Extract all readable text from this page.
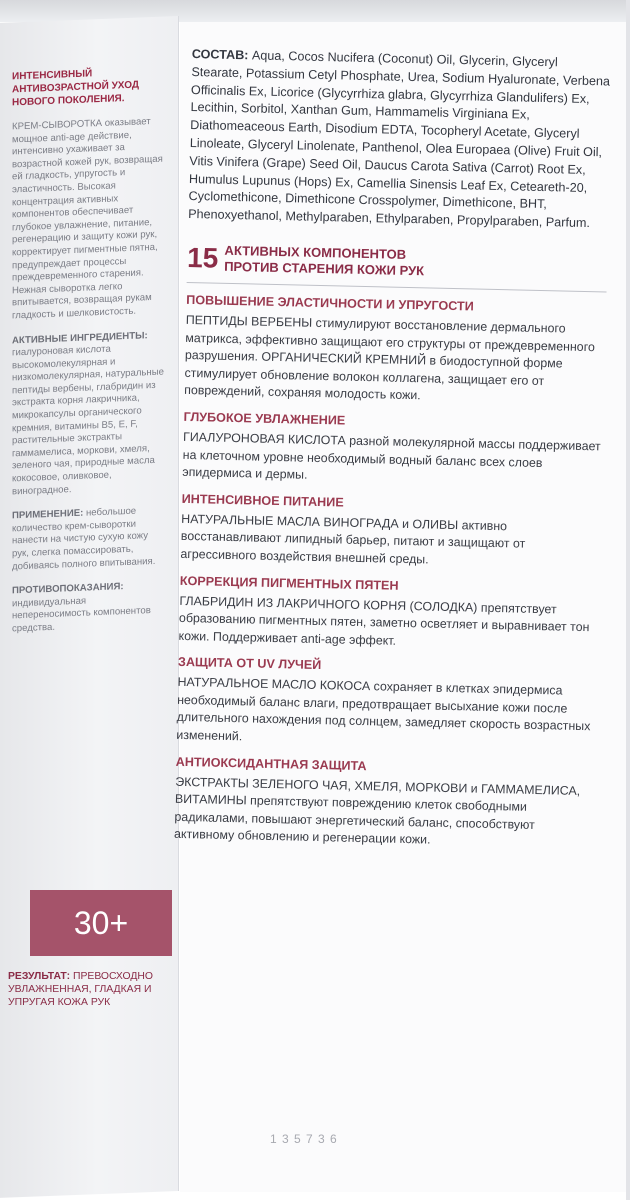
ИНТЕНСИВНЫЙ АНТИВОЗРАСТНОЙ УХОД НОВОГО ПОКОЛЕНИЯ.

КРЕМ-СЫВОРОТКА оказывает мощное anti-age действие, интенсивно ухаживает за возрастной кожей рук, возвращая ей гладкость, упругость и эластичность. Высокая концентрация активных компонентов обеспечивает глубокое увлажнение, питание, регенерацию и защиту кожи рук, корректирует пигментные пятна, предупреждает процессы преждевременного старения. Нежная сыворотка легко впитывается, возвращая рукам гладкость и шелковистость.

АКТИВНЫЕ ИНГРЕДИЕНТЫ: гиалуроновая кислота высокомолекулярная и низкомолекулярная, натуральные пептиды вербены, глабридин из экстракта корня лакричника, микрокапсулы органического кремния, витамины B5, E, F, растительные экстракты гаммамелиса, моркови, хмеля, зеленого чая, природные масла кокосовое, оливковое, виноградное.

ПРИМЕНЕНИЕ: небольшое количество крем-сыворотки нанести на чистую сухую кожу рук, слегка помассировать, добиваясь полного впитывания.

ПРОТИВОПОКАЗАНИЯ: индивидуальная непереносимость компонентов средства.

30+
РЕЗУЛЬТАТ: ПРЕВОСХОДНО УВЛАЖНЕННАЯ, ГЛАДКАЯ И УПРУГАЯ КОЖА РУК

СОСТАВ: Aqua, Cocos Nucifera (Coconut) Oil, Glycerin, Glyceryl Stearate, Potassium Cetyl Phosphate, Urea, Sodium Hyaluronate, Verbena Officinalis Ex, Licorice (Glycyrrhiza glabra, Glycyrrhiza Glandulifers) Ex, Lecithin, Sorbitol, Xanthan Gum, Hammamelis Virginiana Ex, Diathomeaceous Earth, Disodium EDTA, Tocopheryl Acetate, Glyceryl Linoleate, Glyceryl Linolenate, Panthenol, Olea Europaea (Olive) Fruit Oil, Vitis Vinifera (Grape) Seed Oil, Daucus Carota Sativa (Carrot) Root Ex, Humulus Lupunus (Hops) Ex, Camellia Sinensis Leaf Ex, Ceteareth-20, Cyclomethicone, Dimethicone Crosspolymer, Dimethicone, BHT, Phenoxyethanol, Methylparaben, Ethylparaben, Propylparaben, Parfum.

15 АКТИВНЫХ КОМПОНЕНТОВ
ПРОТИВ СТАРЕНИЯ КОЖИ РУК
ПОВЫШЕНИЕ ЭЛАСТИЧНОСТИ И УПРУГОСТИ

ПЕПТИДЫ ВЕРБЕНЫ стимулируют восстановление дермального матрикса, эффективно защищают его структуры от преждевременного разрушения. ОРГАНИЧЕСКИЙ КРЕМНИЙ в биодоступной форме стимулирует обновление волокон коллагена, защищает его от повреждений, сохраняя молодость кожи.

ГЛУБОКОЕ УВЛАЖНЕНИЕ

ГИАЛУРОНОВАЯ КИСЛОТА разной молекулярной массы поддерживает на клеточном уровне необходимый водный баланс всех слоев эпидермиса и дермы.

ИНТЕНСИВНОЕ ПИТАНИЕ

НАТУРАЛЬНЫЕ МАСЛА ВИНОГРАДА и ОЛИВЫ активно восстанавливают липидный барьер, питают и защищают от агрессивного воздействия внешней среды.

КОРРЕКЦИЯ ПИГМЕНТНЫХ ПЯТЕН

ГЛАБРИДИН ИЗ ЛАКРИЧНОГО КОРНЯ (СОЛОДКА) препятствует образованию пигментных пятен, заметно осветляет и выравнивает тон кожи. Поддерживает anti-age эффект.

ЗАЩИТА ОТ UV ЛУЧЕЙ

НАТУРАЛЬНОЕ МАСЛО КОКОСА сохраняет в клетках эпидермиса необходимый баланс влаги, предотвращает высыхание кожи после длительного нахождения под солнцем, замедляет скорость возрастных изменений.

АНТИОКСИДАНТНАЯ ЗАЩИТА

ЭКСТРАКТЫ ЗЕЛЕНОГО ЧАЯ, ХМЕЛЯ, МОРКОВИ и ГАММАМЕЛИСА, ВИТАМИНЫ препятствуют повреждению клеток свободными радикалами, повышают энергетический баланс, способствуют активному обновлению и регенерации кожи.

1 3 5 7 3 6
